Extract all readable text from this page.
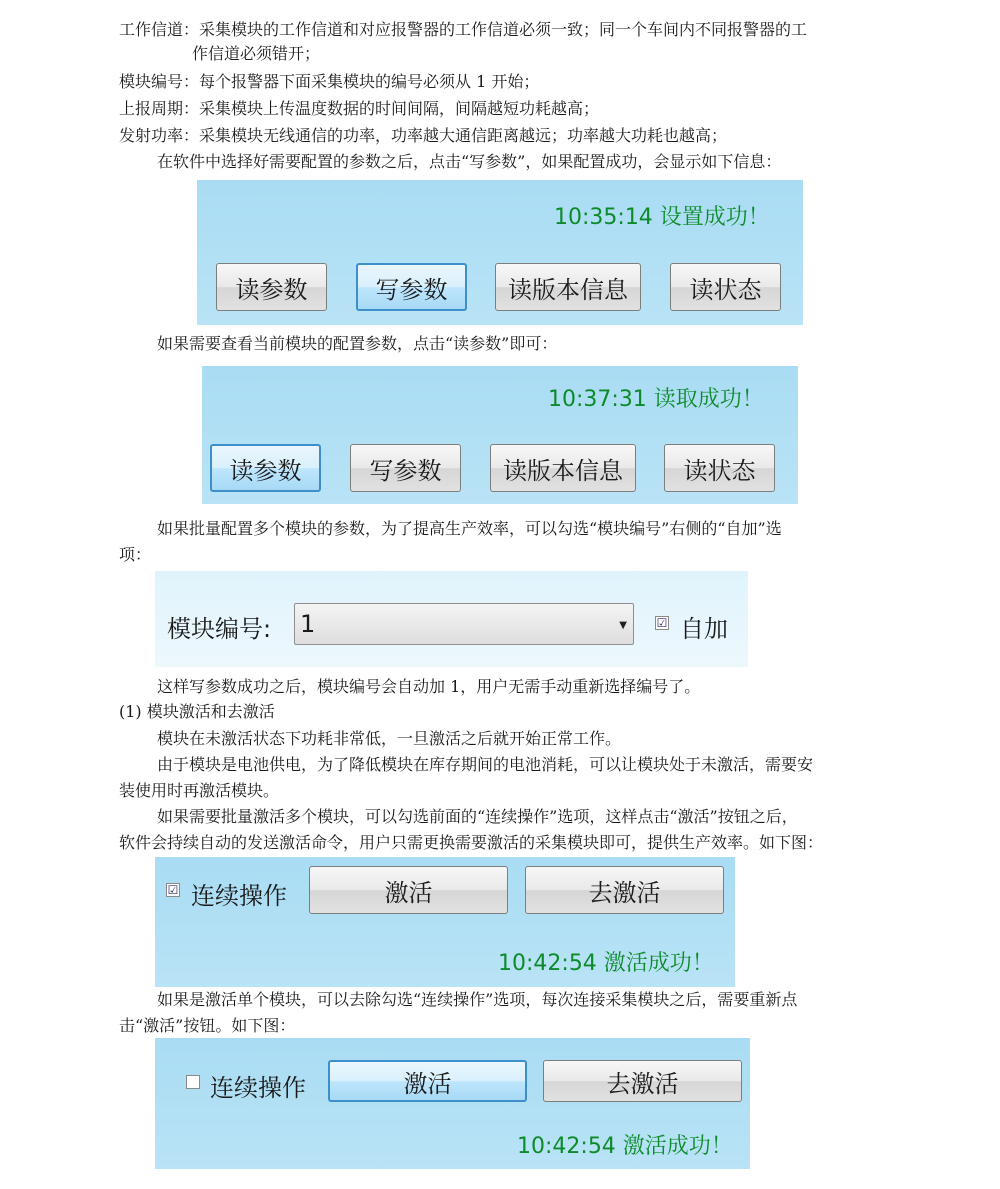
工作信道：采集模块的工作信道和对应报警器的工作信道必须一致；同一个车间内不同报警器的工
作信道必须错开；
模块编号：每个报警器下面采集模块的编号必须从 1 开始；
上报周期：采集模块上传温度数据的时间间隔，间隔越短功耗越高；
发射功率：采集模块无线通信的功率，功率越大通信距离越远；功率越大功耗也越高；
在软件中选择好需要配置的参数之后，点击“写参数”，如果配置成功，会显示如下信息：
10:35:14 设置成功！
读参数	写参数	读版本信息	读状态
如果需要查看当前模块的配置参数，点击“读参数”即可：
10:37:31 读取成功！
读参数	写参数	读版本信息	读状态
如果批量配置多个模块的参数，为了提高生产效率，可以勾选“模块编号”右侧的“自加”选
项：
模块编号: 1	▼ ☑ 自加
这样写参数成功之后，模块编号会自动加 1，用户无需手动重新选择编号了。
(1) 模块激活和去激活
模块在未激活状态下功耗非常低，一旦激活之后就开始正常工作。
由于模块是电池供电，为了降低模块在库存期间的电池消耗，可以让模块处于未激活，需要安
装使用时再激活模块。
如果需要批量激活多个模块，可以勾选前面的“连续操作”选项，这样点击“激活”按钮之后，
软件会持续自动的发送激活命令，用户只需更换需要激活的采集模块即可，提供生产效率。如下图：
☑ 连续操作	激活	去激活
10:42:54 激活成功！
如果是激活单个模块，可以去除勾选“连续操作”选项，每次连接采集模块之后，需要重新点
击“激活”按钮。如下图：
连续操作	激活	去激活
10:42:54 激活成功！
